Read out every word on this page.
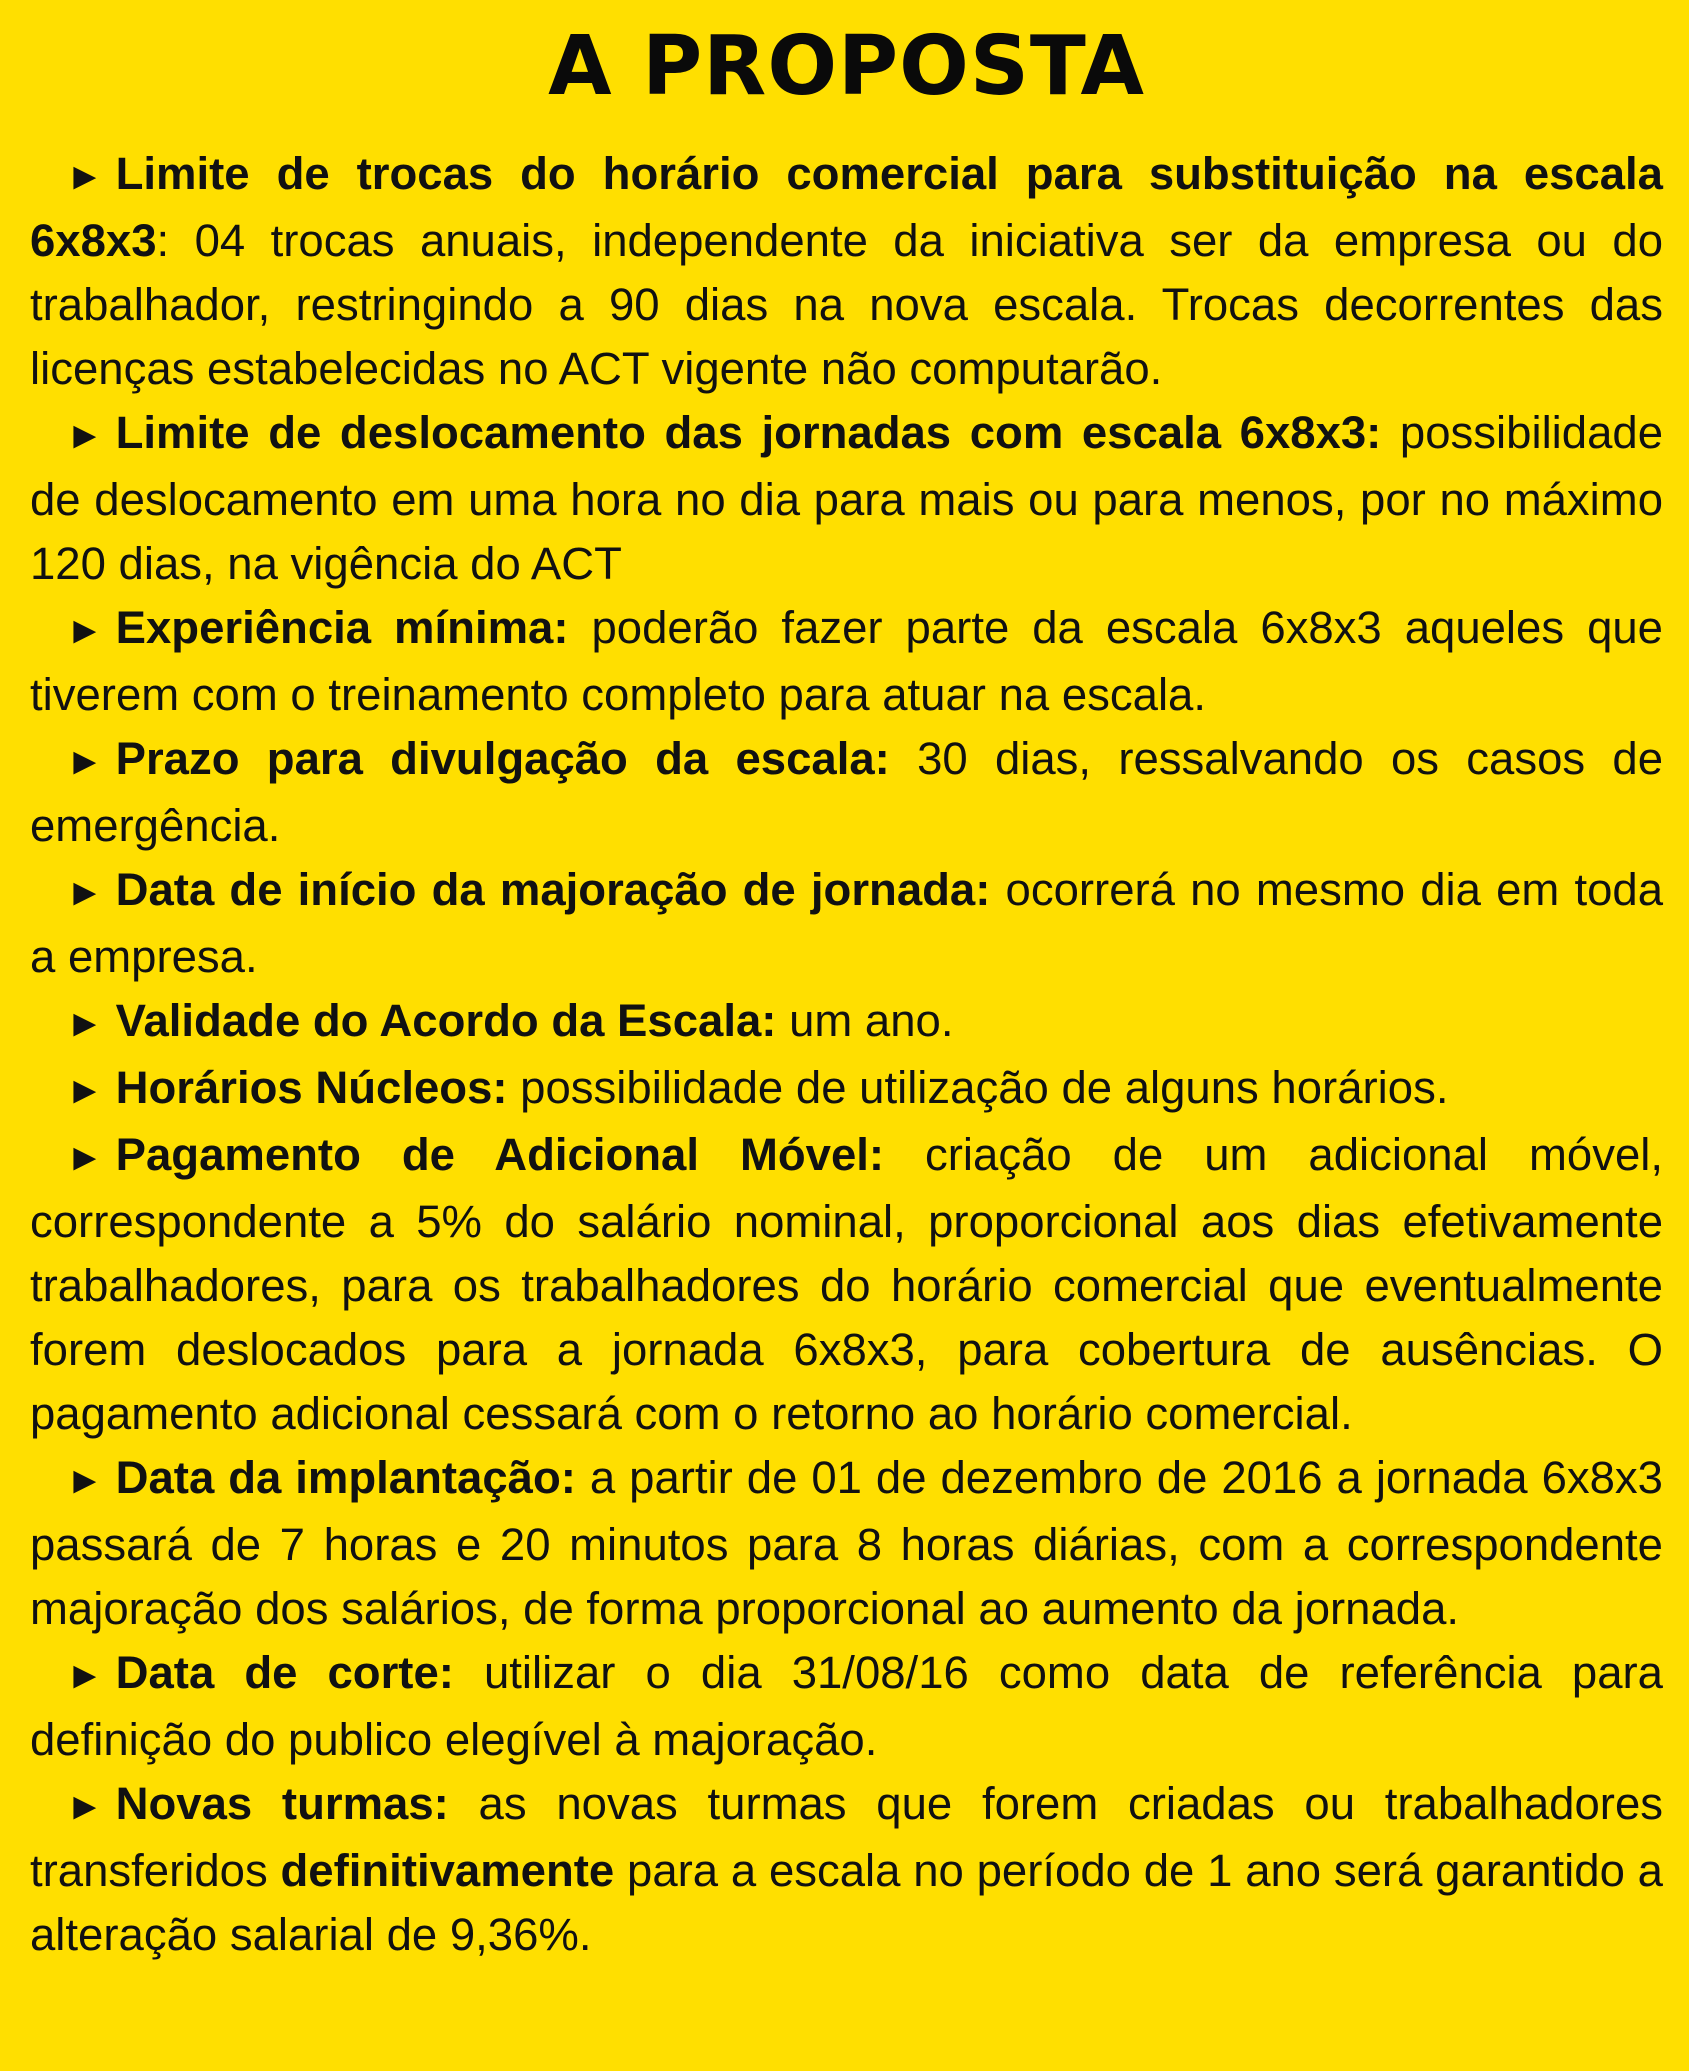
A PROPOSTA

► Limite de trocas do horário comercial para substituição na escala 6x8x3: 04 trocas anuais, independente da iniciativa ser da empresa ou do trabalhador, restringindo a 90 dias na nova escala. Trocas decorrentes das licenças estabelecidas no ACT vigente não computarão.

► Limite de deslocamento das jornadas com escala 6x8x3: possibilidade de deslocamento em uma hora no dia para mais ou para menos, por no máximo 120 dias, na vigência do ACT

► Experiência mínima: poderão fazer parte da escala 6x8x3 aqueles que tiverem com o treinamento completo para atuar na escala.

► Prazo para divulgação da escala: 30 dias, ressalvando os casos de emergência.

► Data de início da majoração de jornada: ocorrerá no mesmo dia em toda a empresa.

► Validade do Acordo da Escala: um ano.

► Horários Núcleos: possibilidade de utilização de alguns horários.

► Pagamento de Adicional Móvel: criação de um adicional móvel, correspondente a 5% do salário nominal, proporcional aos dias efetivamente trabalhadores, para os trabalhadores do horário comercial que eventualmente forem deslocados para a jornada 6x8x3, para cobertura de ausências. O pagamento adicional cessará com o retorno ao horário comercial.

► Data da implantação: a partir de 01 de dezembro de 2016 a jornada 6x8x3 passará de 7 horas e 20 minutos para 8 horas diárias, com a correspondente majoração dos salários, de forma proporcional ao aumento da jornada.

► Data de corte: utilizar o dia 31/08/16 como data de referência para definição do publico elegível à majoração.

► Novas turmas: as novas turmas que forem criadas ou trabalhadores transferidos definitivamente para a escala no período de 1 ano será garantido a alteração salarial de 9,36%.
